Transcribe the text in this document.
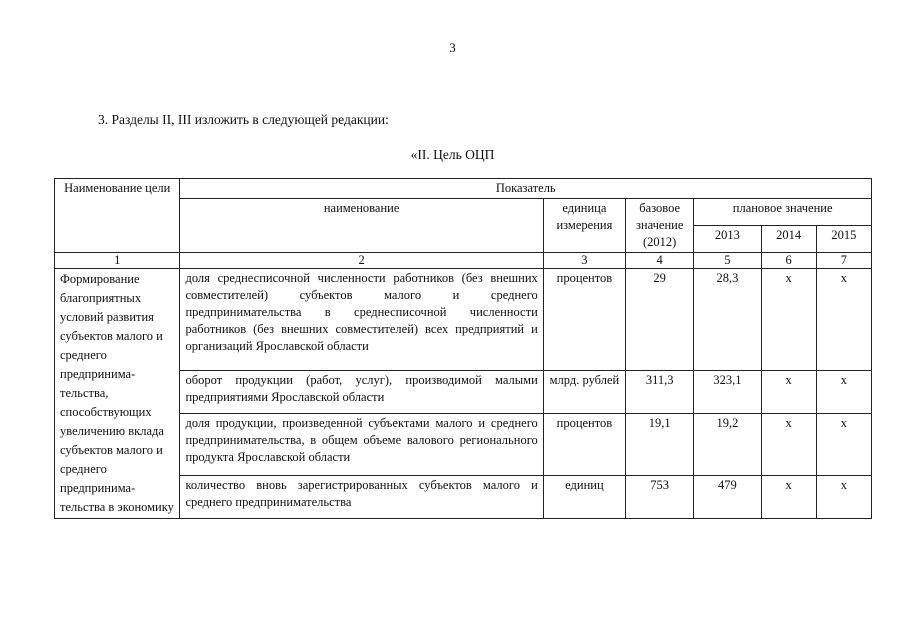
3
3. Разделы II, III изложить в следующей редакции:
«II. Цель ОЦП
Наименование цели	Показатель					
	наименование	единица измерения	базовое значение (2012)	плановое значение		
				2013	2014	2015
1	2	3	4	5	6	7
Формирование благоприятных условий развития субъектов малого и среднего предпринима-тельства, способствующих увеличению вклада субъектов малого и среднего предпринима-тельства в экономику	доля среднесписочной численности работников (без внешних совместителей) субъектов малого и среднего предпринимательства в среднесписочной численности работников (без внешних совместителей) всех предприятий и организаций Ярославской области	процентов	29	28,3	x	x
	оборот продукции (работ, услуг), производимой малыми предприятиями Ярославской области	млрд. рублей	311,3	323,1	x	x
	доля продукции, произведенной субъектами малого и среднего предпринимательства, в общем объеме валового регионального продукта Ярославской области	процентов	19,1	19,2	x	x
	количество вновь зарегистрированных субъектов малого и среднего предпринимательства	единиц	753	479	x	x
